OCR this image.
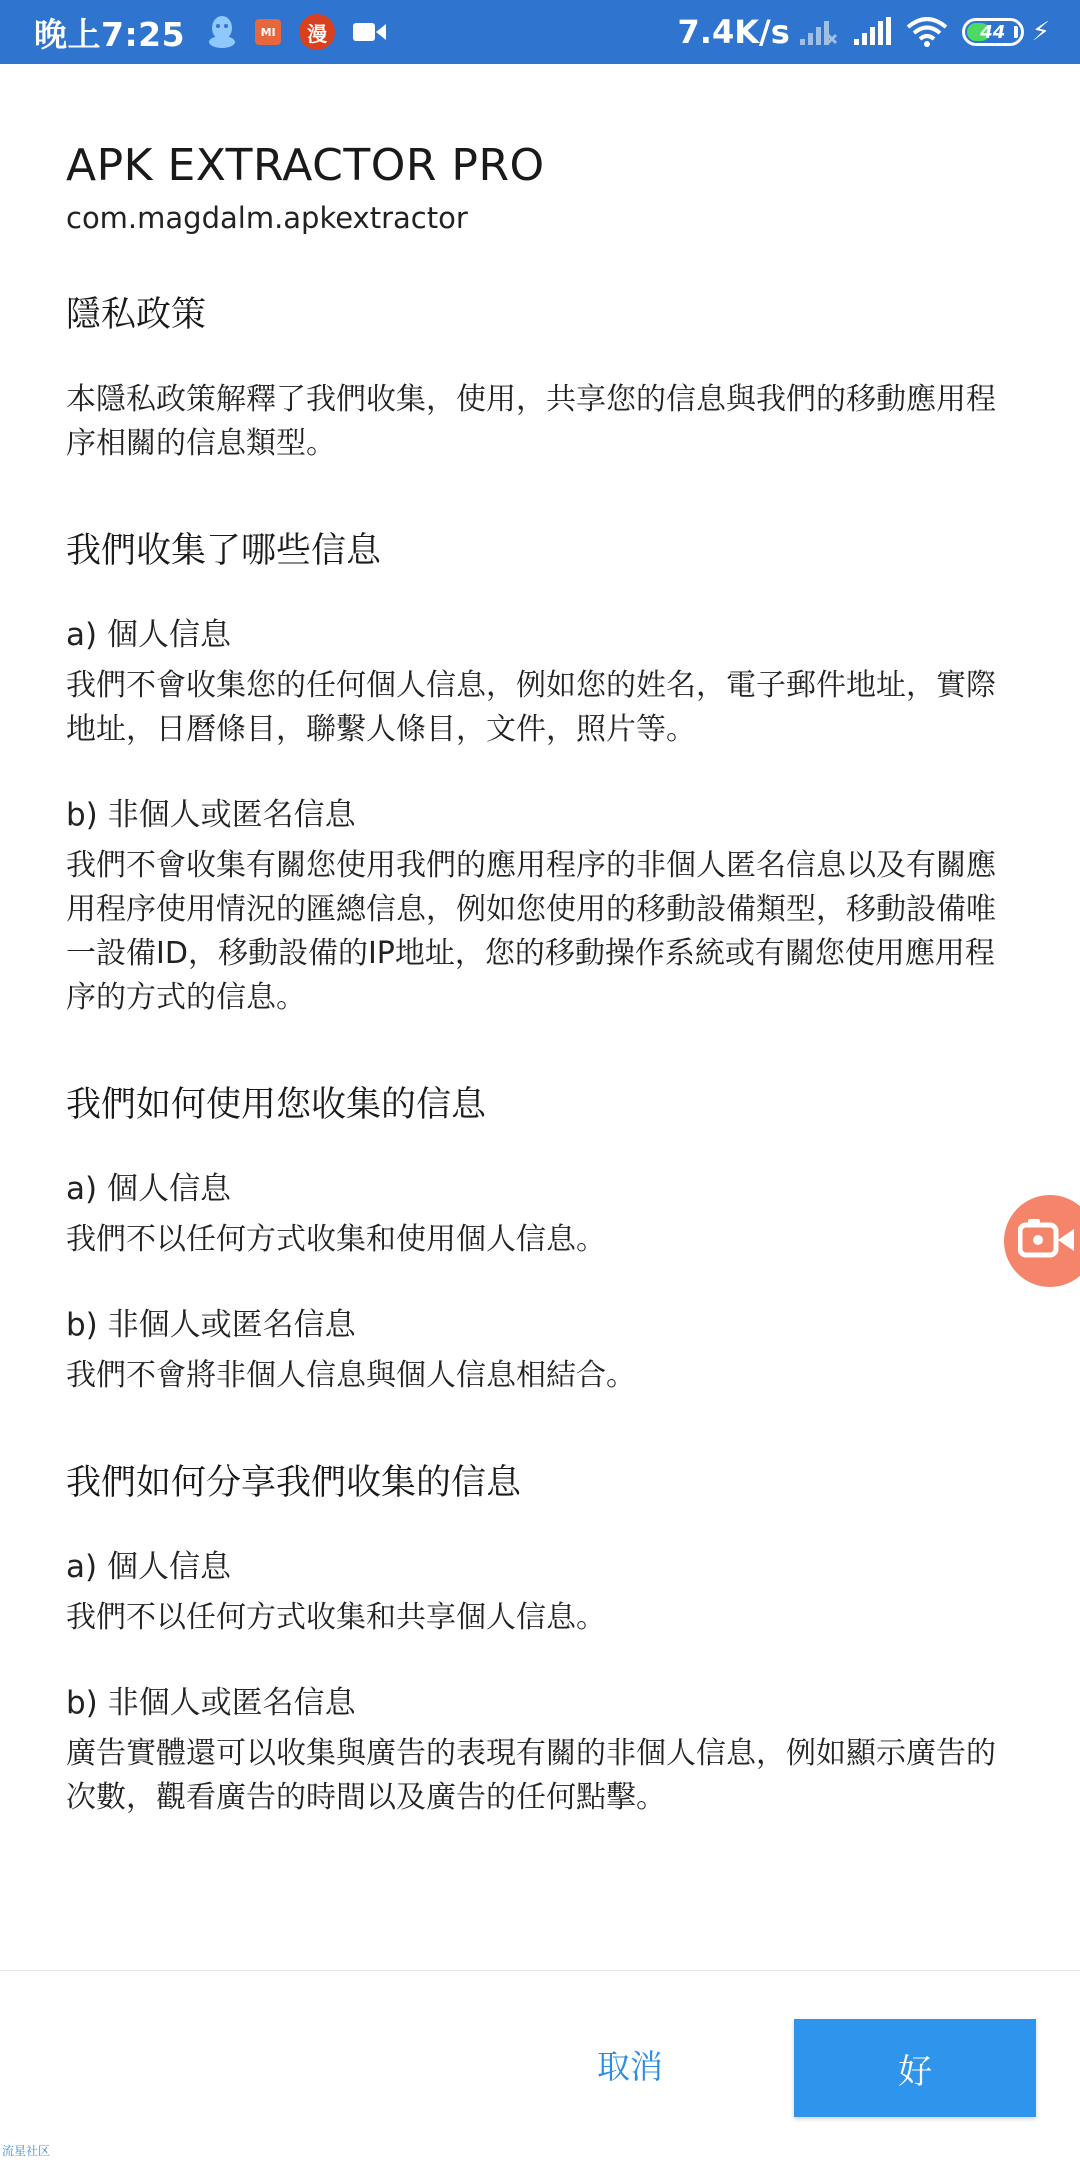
晚上7:25	MI	漫	7.4K/s	44 ⚡
APK EXTRACTOR PRO

com.magdalm.apkextractor

隱私政策

本隱私政策解釋了我們收集，使用，共享您的信息與我們的移動應用程序相關的信息類型。

我們收集了哪些信息

a) 個人信息

我們不會收集您的任何個人信息，例如您的姓名，電子郵件地址，實際地址，日曆條目，聯繫人條目，文件，照片等。

b) 非個人或匿名信息

我們不會收集有關您使用我們的應用程序的非個人匿名信息以及有關應用程序使用情況的匯總信息，例如您使用的移動設備類型，移動設備唯一設備ID，移動設備的IP地址，您的移動操作系統或有關您使用應用程序的方式的信息。

我們如何使用您收集的信息

a) 個人信息

我們不以任何方式收集和使用個人信息。

b) 非個人或匿名信息

我們不會將非個人信息與個人信息相結合。

我們如何分享我們收集的信息

a) 個人信息

我們不以任何方式收集和共享個人信息。

b) 非個人或匿名信息

廣告實體還可以收集與廣告的表現有關的非個人信息，例如顯示廣告的次數，觀看廣告的時間以及廣告的任何點擊。

取消	好
流星社区
